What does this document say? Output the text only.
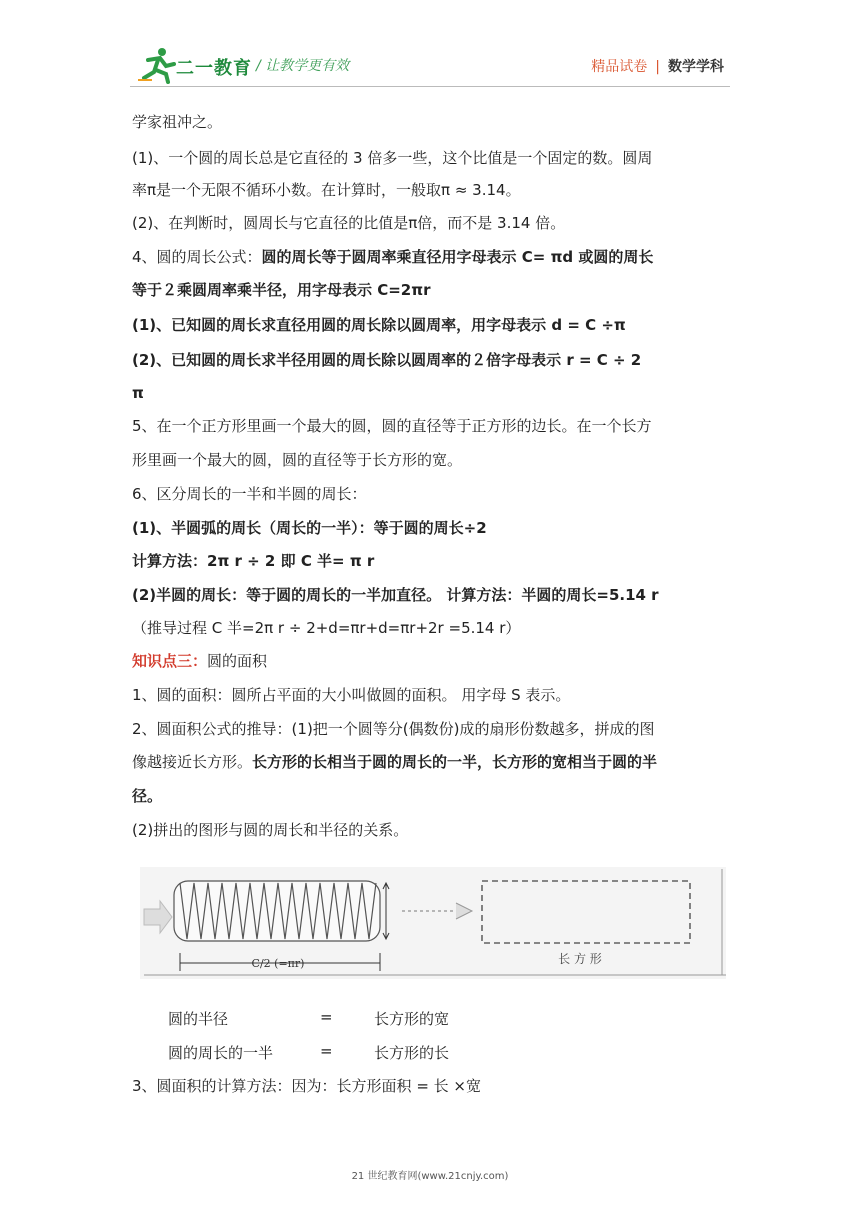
二一教育 / 让教学更有效	精品试卷 | 数学学科
学家祖冲之。
(1)、一个圆的周长总是它直径的 3 倍多一些，这个比值是一个固定的数。圆周
率π是一个无限不循环小数。在计算时，一般取π ≈ 3.14。
(2)、在判断时，圆周长与它直径的比值是π倍，而不是 3.14 倍。
4、圆的周长公式：圆的周长等于圆周率乘直径用字母表示 C= πd 或圆的周长
等于２乘圆周率乘半径，用字母表示 C=2πr
(1)、已知圆的周长求直径用圆的周长除以圆周率，用字母表示 d = C ÷π
(2)、已知圆的周长求半径用圆的周长除以圆周率的２倍字母表示 r = C ÷ 2
π
5、在一个正方形里画一个最大的圆，圆的直径等于正方形的边长。在一个长方
形里画一个最大的圆，圆的直径等于长方形的宽。
6、区分周长的一半和半圆的周长：
(1)、半圆弧的周长（周长的一半）：等于圆的周长÷2
计算方法：2π r ÷ 2 即 C 半= π r
(2)半圆的周长：等于圆的周长的一半加直径。 计算方法：半圆的周长=5.14 r
（推导过程 C 半=2π r ÷ 2+d=πr+d=πr+2r =5.14 r）
知识点三：圆的面积
1、圆的面积：圆所占平面的大小叫做圆的面积。 用字母 S 表示。
2、圆面积公式的推导：(1)把一个圆等分(偶数份)成的扇形份数越多，拼成的图
像越接近长方形。长方形的长相当于圆的周长的一半，长方形的宽相当于圆的半
径。
(2)拼出的图形与圆的周长和半径的关系。
C/2 (=πr)	长 方 形
圆的半径	=	长方形的宽
圆的周长的一半	=	长方形的长
3、圆面积的计算方法：因为：长方形面积 = 长 ×宽
21 世纪教育网(www.21cnjy.com)
